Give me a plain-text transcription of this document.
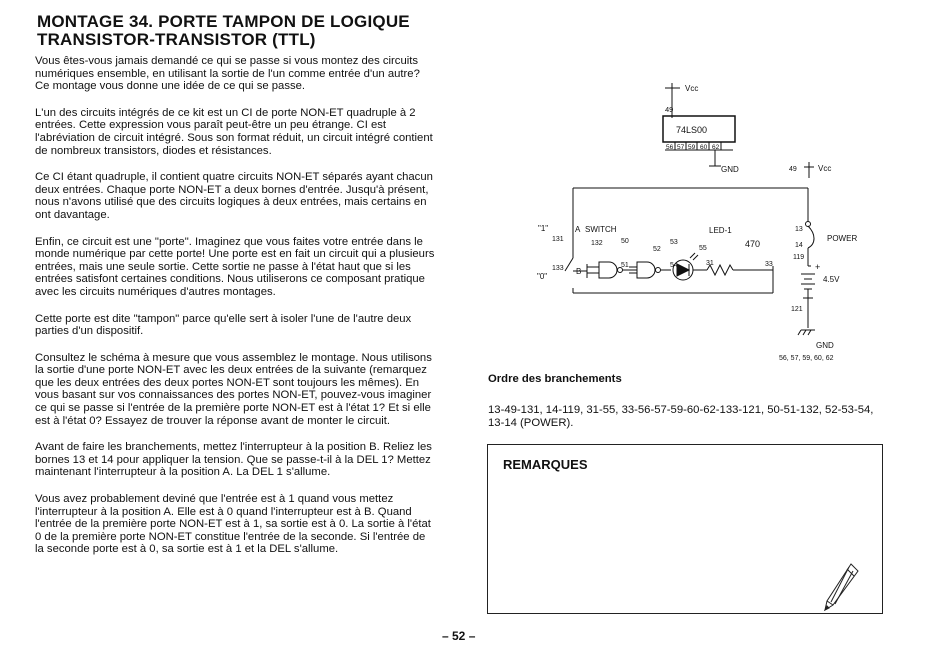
MONTAGE 34. PORTE TAMPON DE LOGIQUE
TRANSISTOR-TRANSISTOR (TTL)

Vous êtes-vous jamais demandé ce qui se passe si vous montez des circuits numériques ensemble, en utilisant la sortie de l'un comme entrée d'un autre? Ce montage vous donne une idée de ce qui se passe.

L'un des circuits intégrés de ce kit est un CI de porte NON-ET quadruple à 2 entrées. Cette expression vous paraît peut-être un peu étrange. CI est l'abréviation de circuit intégré. Sous son format réduit, un circuit intégré contient de nombreux transistors, diodes et résistances.

Ce CI étant quadruple, il contient quatre circuits NON-ET séparés ayant chacun deux entrées. Chaque porte NON-ET a deux bornes d'entrée. Jusqu'à présent, nous n'avons utilisé que des circuits logiques à deux entrées, mais certains en ont davantage.

Enfin, ce circuit est une "porte". Imaginez que vous faites votre entrée dans le monde numérique par cette porte! Une porte est en fait un circuit qui a plusieurs entrées, mais une seule sortie. Cette sortie ne passe à l'état haut que si les entrées satisfont certaines conditions. Nous utiliserons ce composant pratique avec les circuits numériques d'autres montages.

Cette porte est dite "tampon" parce qu'elle sert à isoler l'une de l'autre deux parties d'un dispositif.

Consultez le schéma à mesure que vous assemblez le montage. Nous utilisons la sortie d'une porte NON-ET avec les deux entrées de la suivante (remarquez que les deux entrées des deux portes NON-ET sont toujours les mêmes). En vous basant sur vos connaissances des portes NON-ET, pouvez-vous imaginer ce qui se passe si l'entrée de la première porte NON-ET est à l'état 1? Et si elle est à l'état 0? Essayez de trouver la réponse avant de monter le circuit.

Avant de faire les branchements, mettez l'interrupteur à la position B. Reliez les bornes 13 et 14 pour appliquer la tension. Que se passe-t-il à la DEL 1? Mettez maintenant l'interrupteur à la position A. La DEL 1 s'allume.

Vous avez probablement deviné que l'entrée est à 1 quand vous mettez l'interrupteur à la position A. Elle est à 0 quand l'interrupteur est à B. Quand l'entrée de la première porte NON-ET est à 1, sa sortie est à 0. La sortie à l'état 0 de la première porte NON-ET constitue l'entrée de la seconde. Si l'entrée de la seconde porte est à 0, sa sortie est à 1 et la DEL s'allume.

Vcc
49
74LS00
56 57 59 60 62
GND	49	Vcc
"1"
"0"
131
133
A SWITCH
B
132	50
51
52
53
54
55
31	33
LED-1
470
13
14
119
121
POWER
+
4.5V
GND
56, 57, 59, 60, 62
Ordre des branchements
13-49-131, 14-119, 31-55, 33-56-57-59-60-62-133-121, 50-51-132, 52-53-54, 13-14 (POWER).
REMARQUES
– 52 –
